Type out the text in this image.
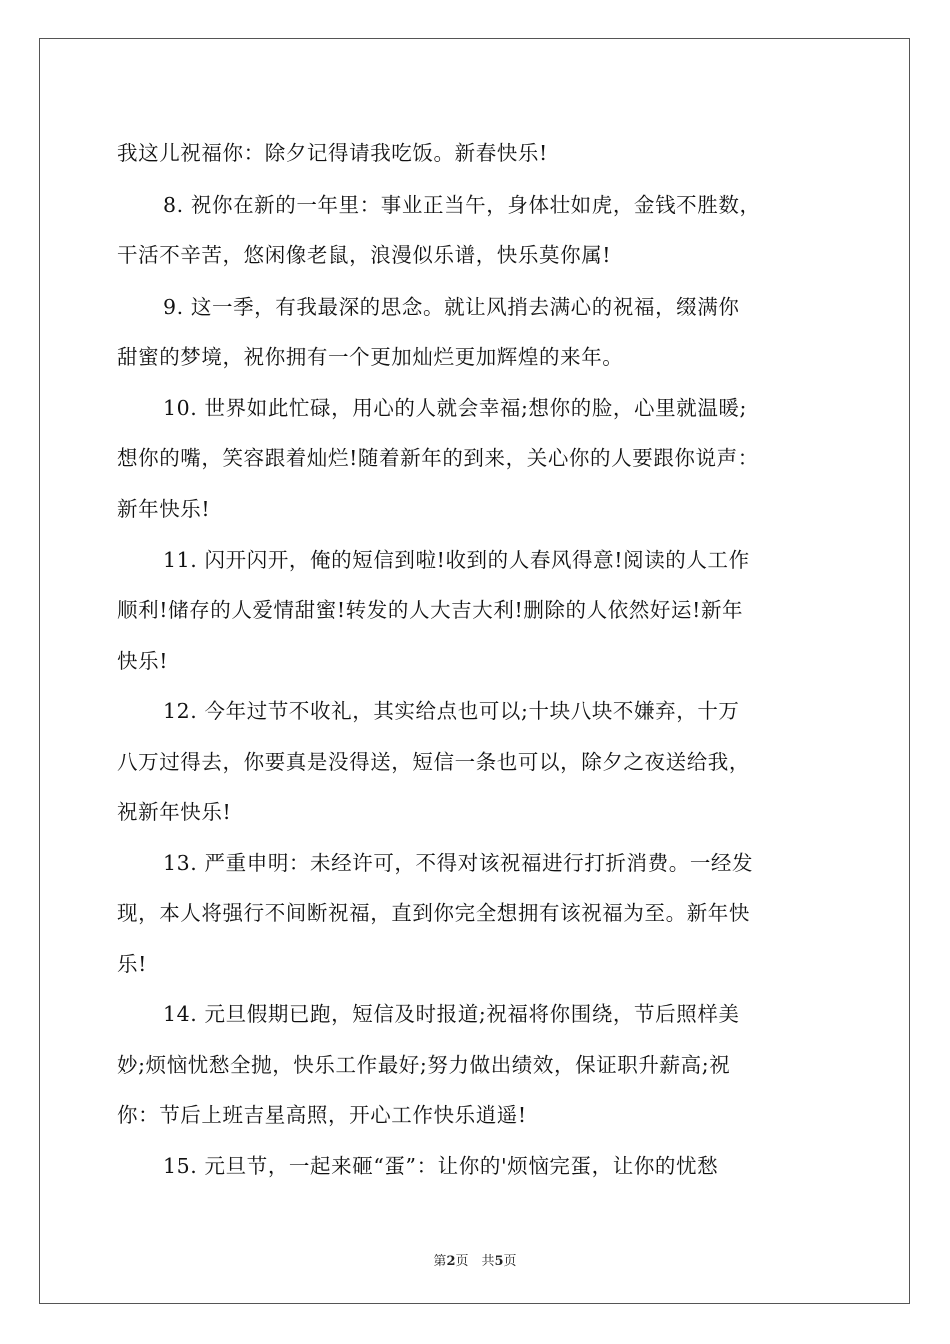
我这儿祝福你：除夕记得请我吃饭。新春快乐!
8. 祝你在新的一年里：事业正当午，身体壮如虎，金钱不胜数，
干活不辛苦，悠闲像老鼠，浪漫似乐谱，快乐莫你属!
9. 这一季，有我最深的思念。就让风捎去满心的祝福，缀满你
甜蜜的梦境，祝你拥有一个更加灿烂更加辉煌的来年。
10. 世界如此忙碌，用心的人就会幸福;想你的脸，心里就温暖;
想你的嘴，笑容跟着灿烂!随着新年的到来，关心你的人要跟你说声：
新年快乐!
11. 闪开闪开，俺的短信到啦!收到的人春风得意!阅读的人工作
顺利!储存的人爱情甜蜜!转发的人大吉大利!删除的人依然好运!新年
快乐!
12. 今年过节不收礼，其实给点也可以;十块八块不嫌弃，十万
八万过得去，你要真是没得送，短信一条也可以，除夕之夜送给我，
祝新年快乐!
13. 严重申明：未经许可，不得对该祝福进行打折消费。一经发
现，本人将强行不间断祝福，直到你完全想拥有该祝福为至。新年快
乐!
14. 元旦假期已跑，短信及时报道;祝福将你围绕，节后照样美
妙;烦恼忧愁全抛，快乐工作最好;努力做出绩效，保证职升薪高;祝
你：节后上班吉星高照，开心工作快乐逍遥!
15. 元旦节，一起来砸“蛋”：让你的'烦恼完蛋，让你的忧愁
第2页　共5页
